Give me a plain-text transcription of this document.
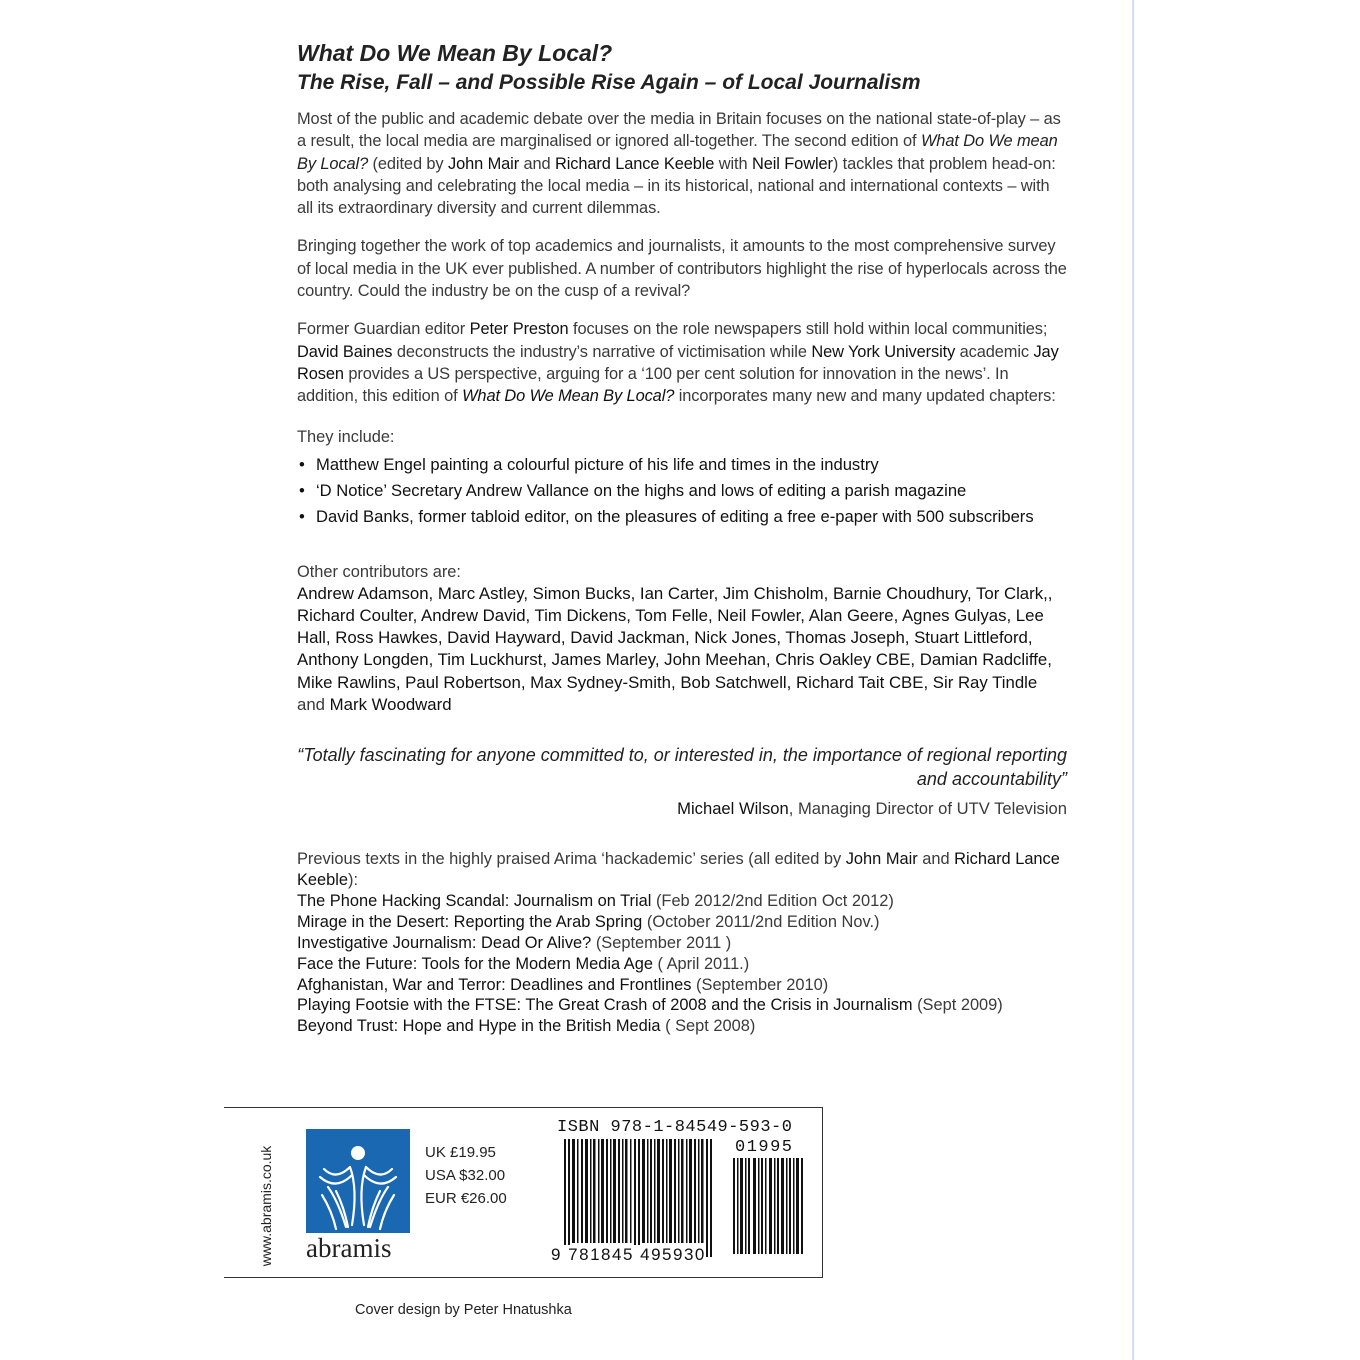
What Do We Mean By Local?
The Rise, Fall – and Possible Rise Again – of Local Journalism

Most of the public and academic debate over the media in Britain focuses on the national state-of-play – as a result, the local media are marginalised or ignored all-together. The second edition of What Do We mean By Local? (edited by John Mair and Richard Lance Keeble with Neil Fowler) tackles that problem head-on: both analysing and celebrating the local media – in its historical, national and international contexts – with all its extraordinary diversity and current dilemmas.

Bringing together the work of top academics and journalists, it amounts to the most comprehensive survey of local media in the UK ever published. A number of contributors highlight the rise of hyperlocals across the country. Could the industry be on the cusp of a revival?

Former Guardian editor Peter Preston focuses on the role newspapers still hold within local communities; David Baines deconstructs the industry’s narrative of victimisation while New York University academic Jay Rosen provides a US perspective, arguing for a ‘100 per cent solution for innovation in the news’. In addition, this edition of What Do We Mean By Local? incorporates many new and many updated chapters:

They include:

• Matthew Engel painting a colourful picture of his life and times in the industry
• ‘D Notice’ Secretary Andrew Vallance on the highs and lows of editing a parish magazine
• David Banks, former tabloid editor, on the pleasures of editing a free e-paper with 500 subscribers

Other contributors are:

Andrew Adamson, Marc Astley, Simon Bucks, Ian Carter, Jim Chisholm, Barnie Choudhury, Tor Clark,, Richard Coulter, Andrew David, Tim Dickens, Tom Felle, Neil Fowler, Alan Geere, Agnes Gulyas, Lee Hall, Ross Hawkes, David Hayward, David Jackman, Nick Jones, Thomas Joseph, Stuart Littleford, Anthony Longden, Tim Luckhurst, James Marley, John Meehan, Chris Oakley CBE, Damian Radcliffe, Mike Rawlins, Paul Robertson, Max Sydney-Smith, Bob Satchwell, Richard Tait CBE, Sir Ray Tindle and Mark Woodward

“Totally fascinating for anyone committed to, or interested in, the importance of regional reporting and accountability”

Michael Wilson, Managing Director of UTV Television

Previous texts in the highly praised Arima ‘hackademic’ series (all edited by John Mair and Richard Lance Keeble):

The Phone Hacking Scandal: Journalism on Trial (Feb 2012/2nd Edition Oct 2012)
Mirage in the Desert: Reporting the Arab Spring (October 2011/2nd Edition Nov.)
Investigative Journalism: Dead Or Alive? (September 2011 )
Face the Future: Tools for the Modern Media Age ( April 2011.)
Afghanistan, War and Terror: Deadlines and Frontlines (September 2010)
Playing Footsie with the FTSE: The Great Crash of 2008 and the Crisis in Journalism (Sept 2009)
Beyond Trust: Hope and Hype in the British Media ( Sept 2008)
www.abramis.co.uk abramis
UK £19.95
USA $32.00
EUR €26.00
ISBN 978-1-84549-593-0
01995
9 781845 495930
Cover design by Peter Hnatushka
